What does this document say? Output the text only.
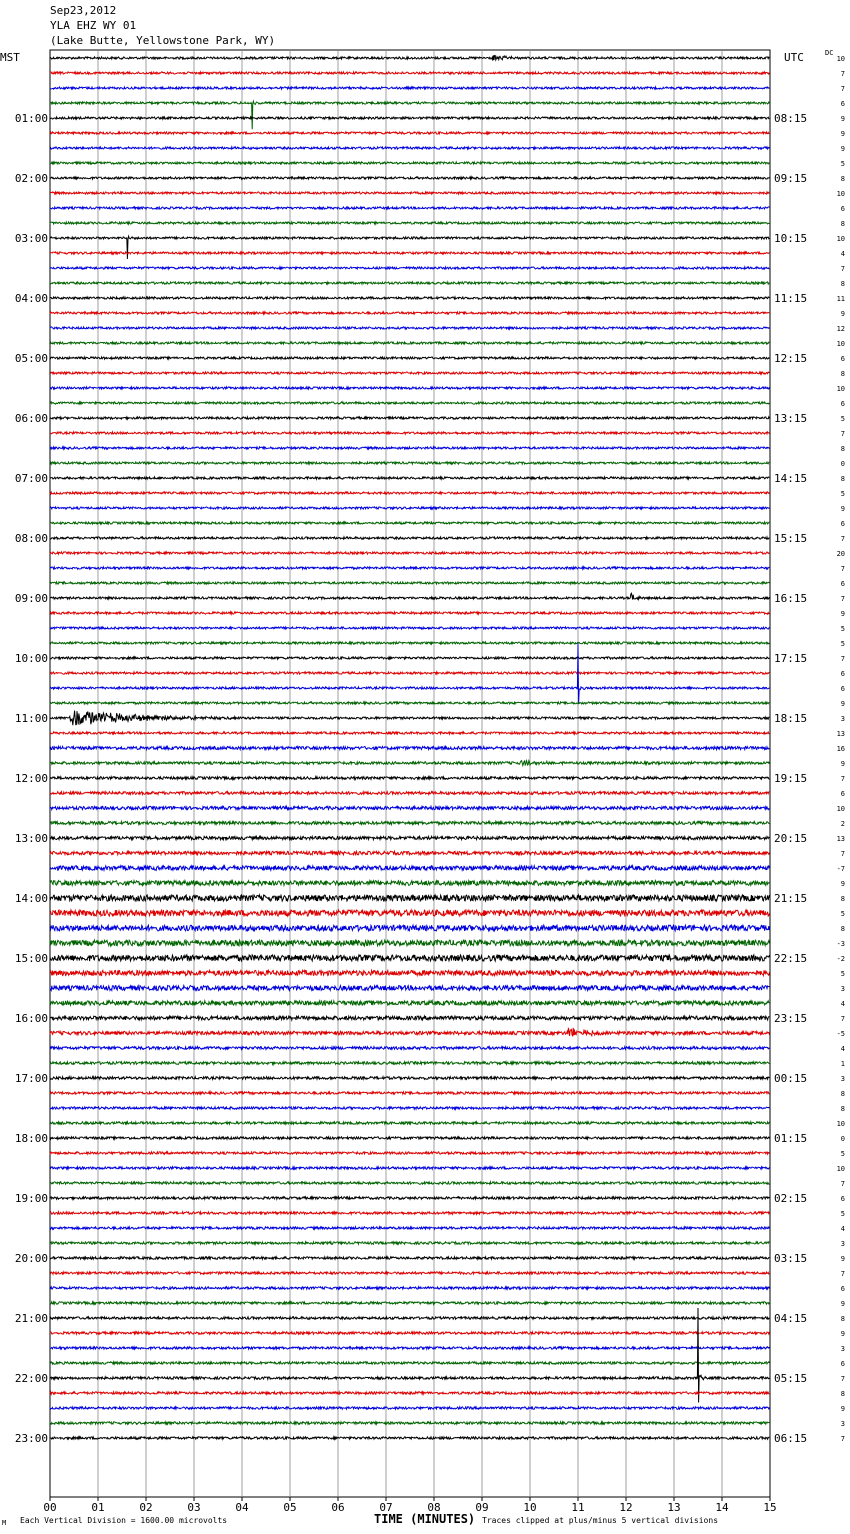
Sep23,2012
YLA EHZ WY 01
(Lake Butte, Yellowstone Park, WY)
10
7
7
6
9
9
9
5
8
10
6
8
10
4
7
8
11
9
12
10
6
8
10
6
5
7
8
0
8
5
9
6
7
20
7
6
7
9
5
5
7
6
6
9
3
13
16
9
7
6
10
2
13
7
-7
9
8
5
8
-3
-2
5
3
4
7
-5
4
1
3
8
8
10
0
5
10
7
6
5
4
3
9
7
6
9
8
9
3
6
7
8
9
3
7
DC
MST	UTC
01:00
02:00
03:00
04:00
05:00
06:00
07:00
08:00
09:00
10:00
11:00
12:00
13:00
14:00
15:00
16:00
17:00
18:00
19:00
20:00
21:00
22:00
23:00
08:15
09:15
10:15
11:15
12:15
13:15
14:15
15:15
16:15
17:15
18:15
19:15
20:15
21:15
22:15
23:15
00:15
01:15
02:15
03:15
04:15
05:15
06:15
00	01	02	03	04	05	06	07	08	09	10	11	12	13	14	15
M Each Vertical Division = 1600.00 microvolts	TIME (MINUTES) Traces clipped at plus/minus 5 vertical divisions
